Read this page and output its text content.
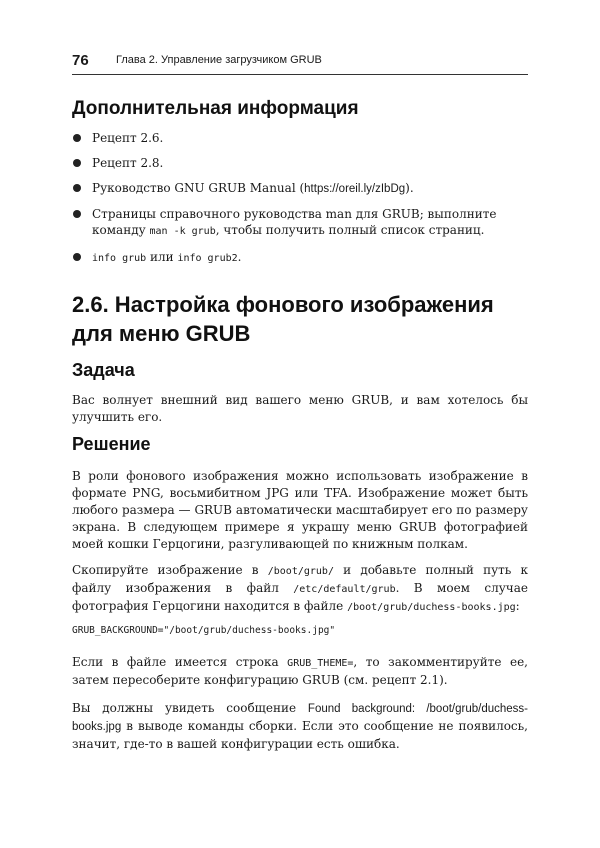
76 Глава 2. Управление загрузчиком GRUB
Дополнительная информация
Рецепт 2.6.
Рецепт 2.8.
Руководство GNU GRUB Manual (https://oreil.ly/zIbDg).
Страницы справочного руководства man для GRUB; выполните команду man -k grub, чтобы получить полный список страниц.
info grub или info grub2.
2.6. Настройка фонового изображения для меню GRUB
Задача

Вас волнует внешний вид вашего меню GRUB, и вам хотелось бы улучшить его.

Решение

В роли фонового изображения можно использовать изображение в формате PNG, восьмибитном JPG или TFA. Изображение может быть любого размера — GRUB автоматически масштабирует его по размеру экрана. В следующем примере я украшу меню GRUB фотографией моей кошки Герцогини, разгуливающей по книжным полкам.

Скопируйте изображение в /boot/grub/ и добавьте полный путь к файлу изображения в файл /etc/default/grub. В моем случае фотография Герцогини находится в файле /boot/grub/duchess-books.jpg:

GRUB_BACKGROUND="/boot/grub/duchess-books.jpg"

Если в файле имеется строка GRUB_THEME=, то закомментируйте ее, затем пересоберите конфигурацию GRUB (см. рецепт 2.1).

Вы должны увидеть сообщение Found background: /boot/grub/duchess-books.jpg в выводе команды сборки. Если это сообщение не появилось, значит, где-то в вашей конфигурации есть ошибка.
